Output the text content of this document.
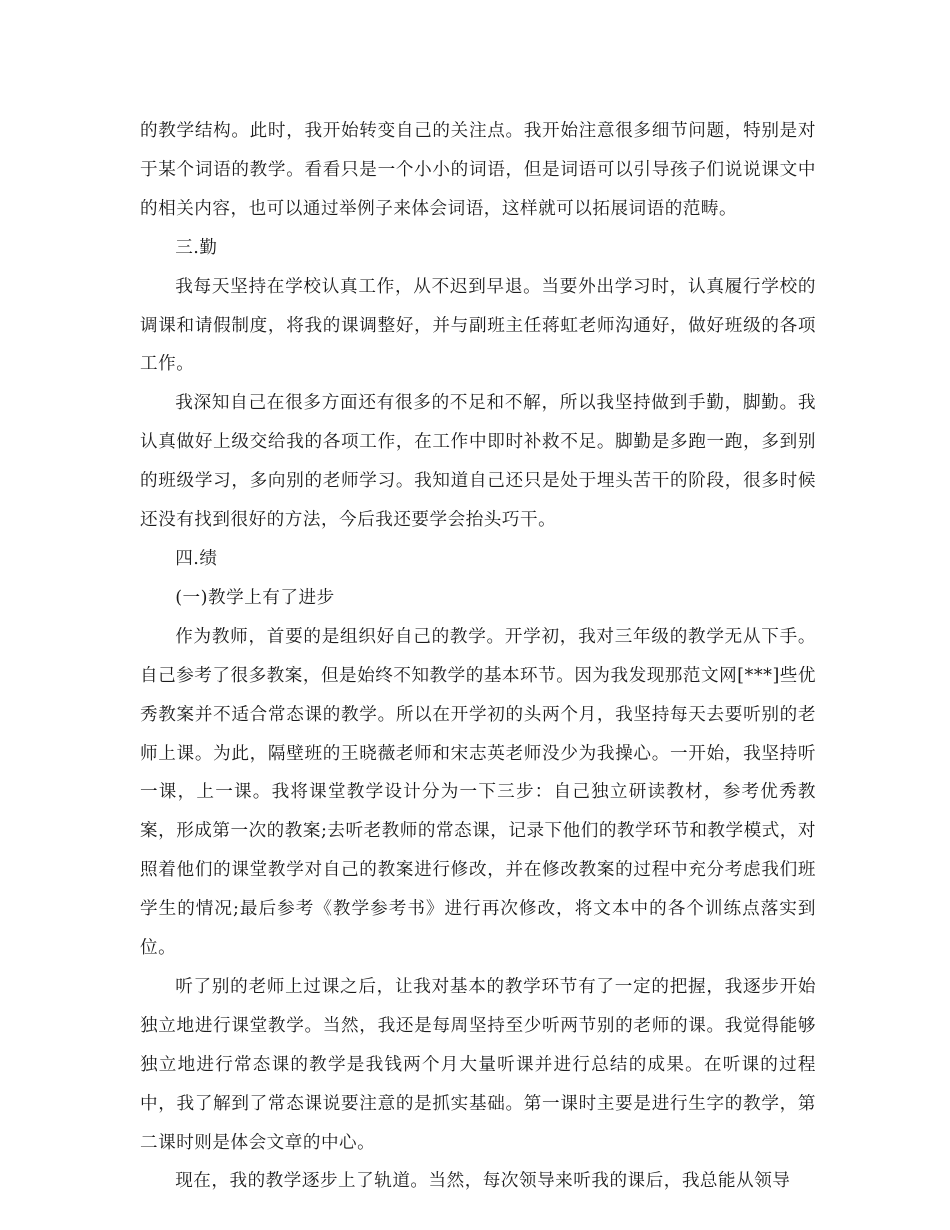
的教学结构。此时，我开始转变自己的关注点。我开始注意很多细节问题，特别是对于某个词语的教学。看看只是一个小小的词语，但是词语可以引导孩子们说说课文中的相关内容，也可以通过举例子来体会词语，这样就可以拓展词语的范畴。

三.勤

我每天坚持在学校认真工作，从不迟到早退。当要外出学习时，认真履行学校的调课和请假制度，将我的课调整好，并与副班主任蒋虹老师沟通好，做好班级的各项工作。

我深知自己在很多方面还有很多的不足和不解，所以我坚持做到手勤，脚勤。我认真做好上级交给我的各项工作，在工作中即时补救不足。脚勤是多跑一跑，多到别的班级学习，多向别的老师学习。我知道自己还只是处于埋头苦干的阶段，很多时候还没有找到很好的方法，今后我还要学会抬头巧干。

四.绩

(一)教学上有了进步

作为教师，首要的是组织好自己的教学。开学初，我对三年级的教学无从下手。自己参考了很多教案，但是始终不知教学的基本环节。因为我发现那范文网[***]些优秀教案并不适合常态课的教学。所以在开学初的头两个月，我坚持每天去要听别的老师上课。为此，隔壁班的王晓薇老师和宋志英老师没少为我操心。一开始，我坚持听一课，上一课。我将课堂教学设计分为一下三步：自己独立研读教材，参考优秀教案，形成第一次的教案;去听老教师的常态课，记录下他们的教学环节和教学模式，对照着他们的课堂教学对自己的教案进行修改，并在修改教案的过程中充分考虑我们班学生的情况;最后参考《教学参考书》进行再次修改，将文本中的各个训练点落实到位。

听了别的老师上过课之后，让我对基本的教学环节有了一定的把握，我逐步开始独立地进行课堂教学。当然，我还是每周坚持至少听两节别的老师的课。我觉得能够独立地进行常态课的教学是我钱两个月大量听课并进行总结的成果。在听课的过程中，我了解到了常态课说要注意的是抓实基础。第一课时主要是进行生字的教学，第二课时则是体会文章的中心。

现在，我的教学逐步上了轨道。当然，每次领导来听我的课后，我总能从领导
